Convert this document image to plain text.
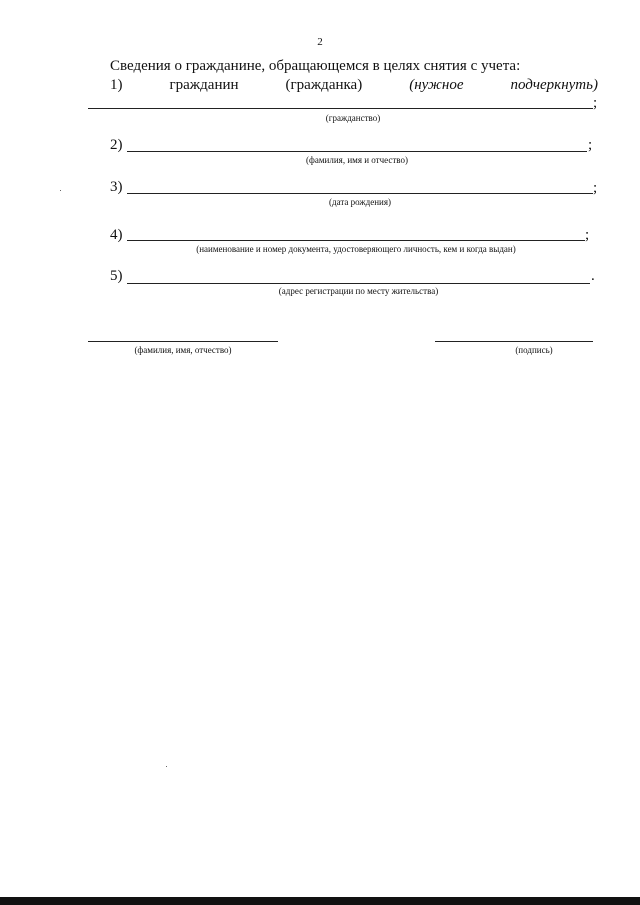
2
Сведения о гражданине, обращающемся в целях снятия с учета:
1)	гражданин	(гражданка)	(нужное	подчеркнуть)
;
(гражданство)
2)	;
(фамилия, имя и отчество)
3)	;
(дата рождения)
4)	;
(наименование и номер документа, удостоверяющего личность, кем и когда выдан)
5)	.
(адрес регистрации по месту жительства)
(фамилия, имя, отчество)	(подпись)
